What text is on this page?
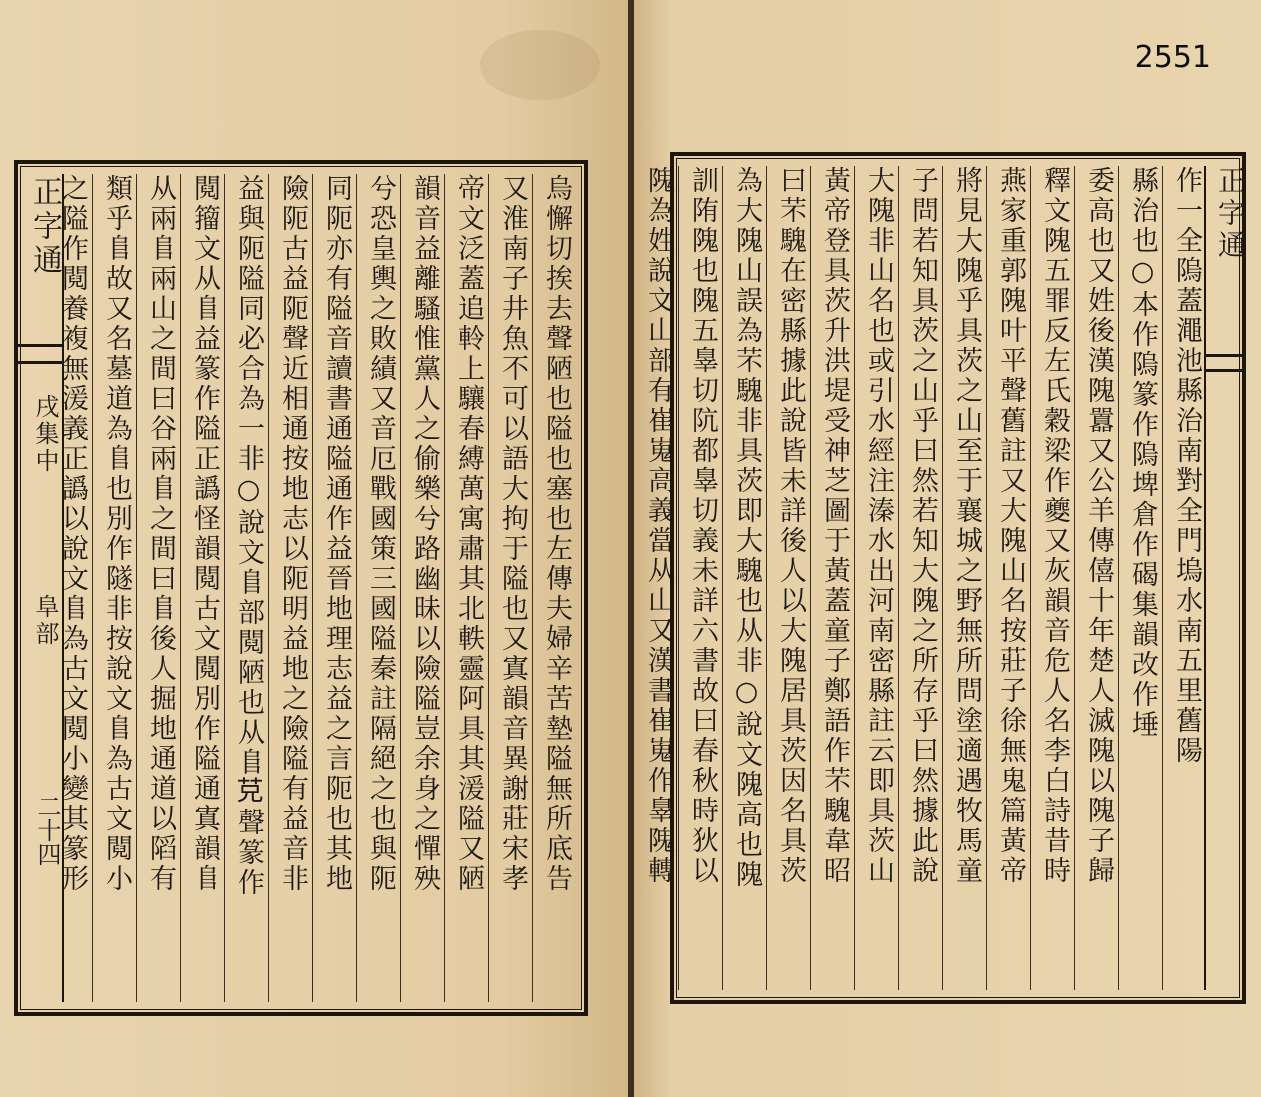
正字通
戌集中
阜部
二十四	烏懈切挨去聲陋也隘也塞也左傳夫婦辛苦墊隘無所底告
又淮南子井魚不可以語大拘于隘也又寘韻音異謝莊宋孝
帝文泛蓋追軨上驤春縛萬寓肅其北軼靈阿具其湲隘又陋
韻音益離騷惟黨人之偷樂兮路幽昧以險隘豈余身之憚殃
兮恐皇輿之敗績又音厄戰國策三國隘秦註隔絕之也與阨
同阨亦有隘音讀書通隘通作益晉地理志益之言阨也其地
險阨古益阨聲近相通按地志以阨明益地之險隘有益音非
益與阨隘同必合為一非○說文𨸏部䦧陋也从𨸏𦬺聲篆作
䦧籀文从𨸏益篆作隘正譌怪韻䦧古文䦧別作隘通寘韻𨸏
从兩𨸏兩山之間曰谷兩𨸏之間曰𨸏後人掘地通道以䧟有
類乎𨸏故又名墓道為𨸏也別作隧非按說文𨸏為古文䦧小
之隘作䦧養複無湲義正譌以說文𨸏為古文䦧小變其篆形
2551
正字通
作一全隖蓋澠池縣治南對全門塢水南五里舊陽
縣治也○本作隖篆作隖埤倉作碣集韻改作埵
委高也又姓後漢隗囂又公羊傳僖十年楚人滅隗以隗子歸
釋文隗五罪反左氏穀梁作夔又灰韻音危人名李白詩昔時
燕家重郭隗叶平聲舊註又大隗山名按莊子徐無鬼篇黃帝
將見大隗乎具茨之山至于襄城之野無所問塗適遇牧馬童
子問若知具茨之山乎曰然若知大隗之所存乎曰然據此說
大隗非山名也或引水經注溱水出河南密縣註云即具茨山
黃帝登具茨升洪堤受神芝圖于黃蓋童子鄭語作芣騩韋昭
曰芣騩在密縣據此說皆未詳後人以大隗居具茨因名具茨
為大隗山誤為芣騩非具茨即大騩也从非○說文隗高也隗
訓陏隗也隗五辠切阬都辠切義未詳六書故曰春秋時狄以
隗為姓說文山部有崔嵬高義當从山又漢書崔嵬作辠隗轉
